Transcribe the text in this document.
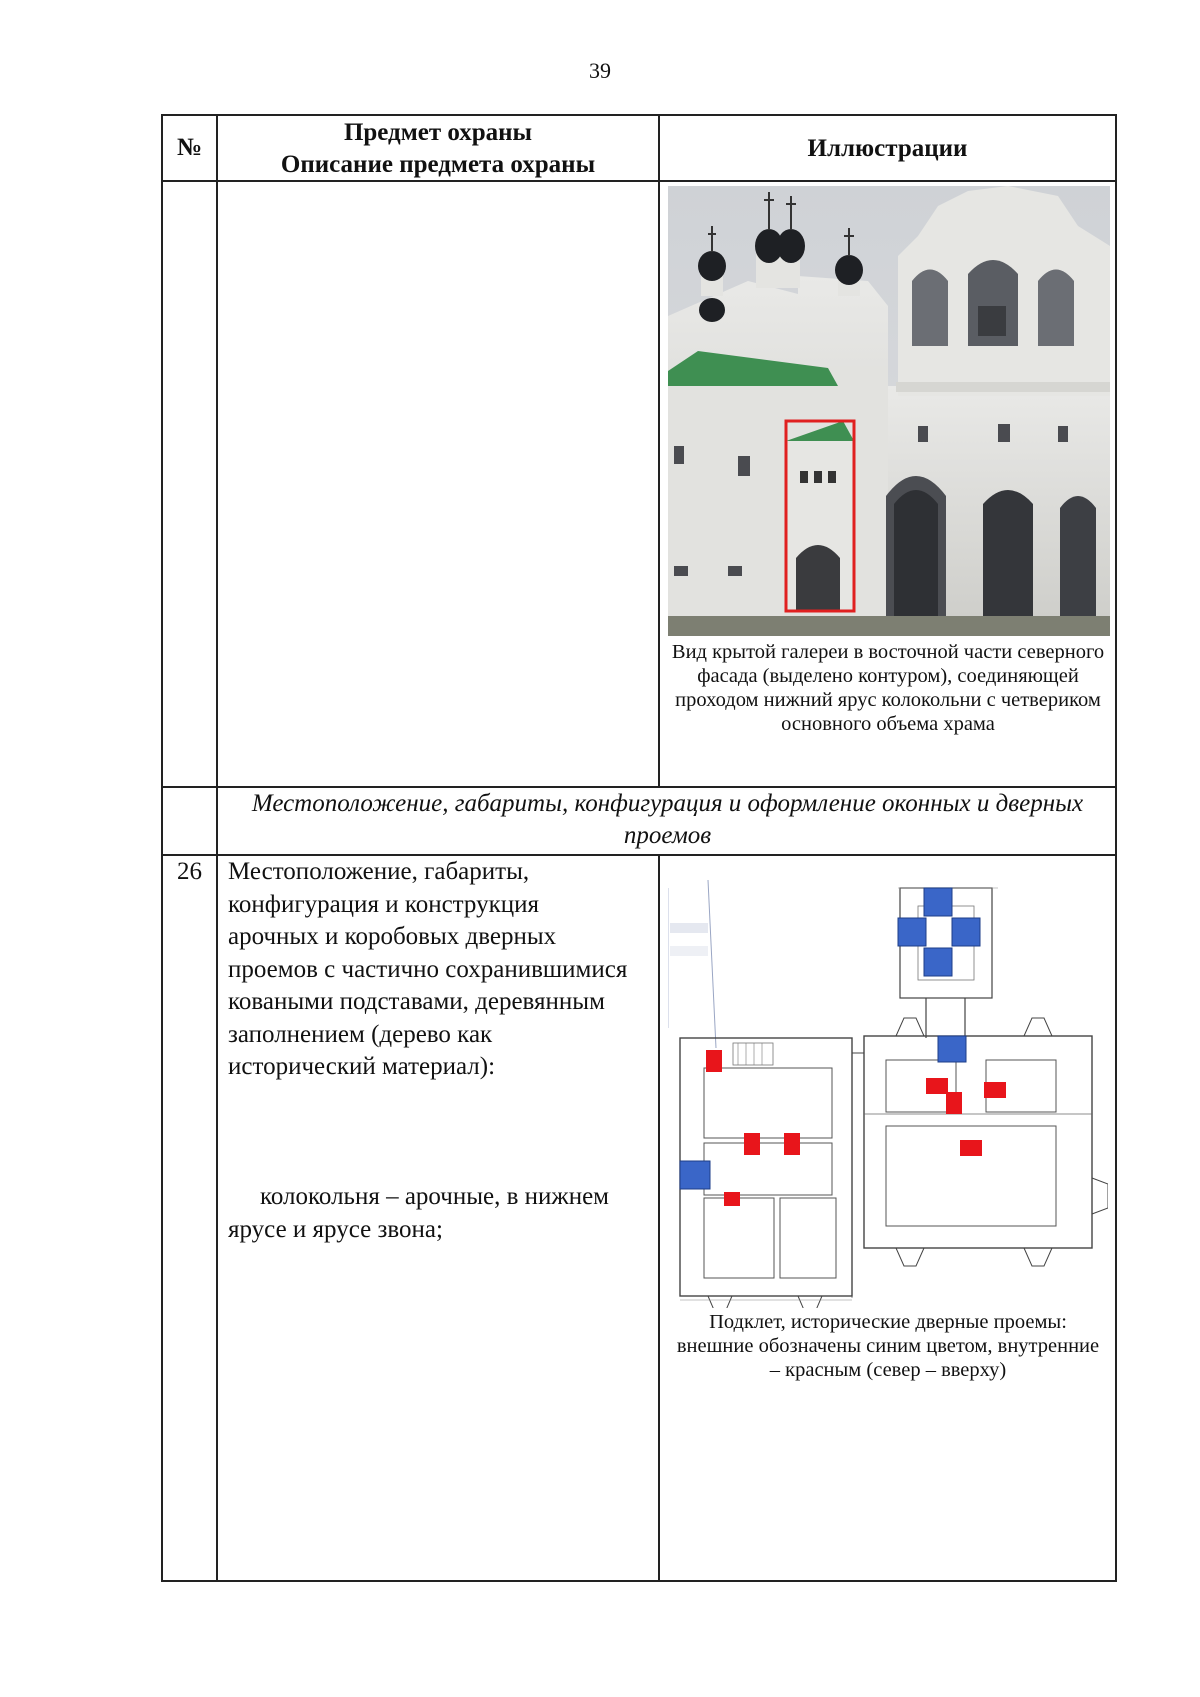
39
№
Предмет охраны
Описание предмета охраны
Иллюстрации
Вид крытой галереи в восточной части северного фасада (выделено контуром), соединяющей проходом нижний ярус колокольни с четвериком основного объема храма
Местоположение, габариты, конфигурация и оформление оконных и дверных проемов
26	Местоположение, габариты, конфигурация и конструкция арочных и коробовых дверных проемов с частично сохранившимися коваными подставами, деревянным заполнением (дерево как исторический материал):
колокольня – арочные, в нижнем ярусе и ярусе звона;
Подклет, исторические дверные проемы: внешние обозначены синим цветом, внутренние – красным (север – вверху)
